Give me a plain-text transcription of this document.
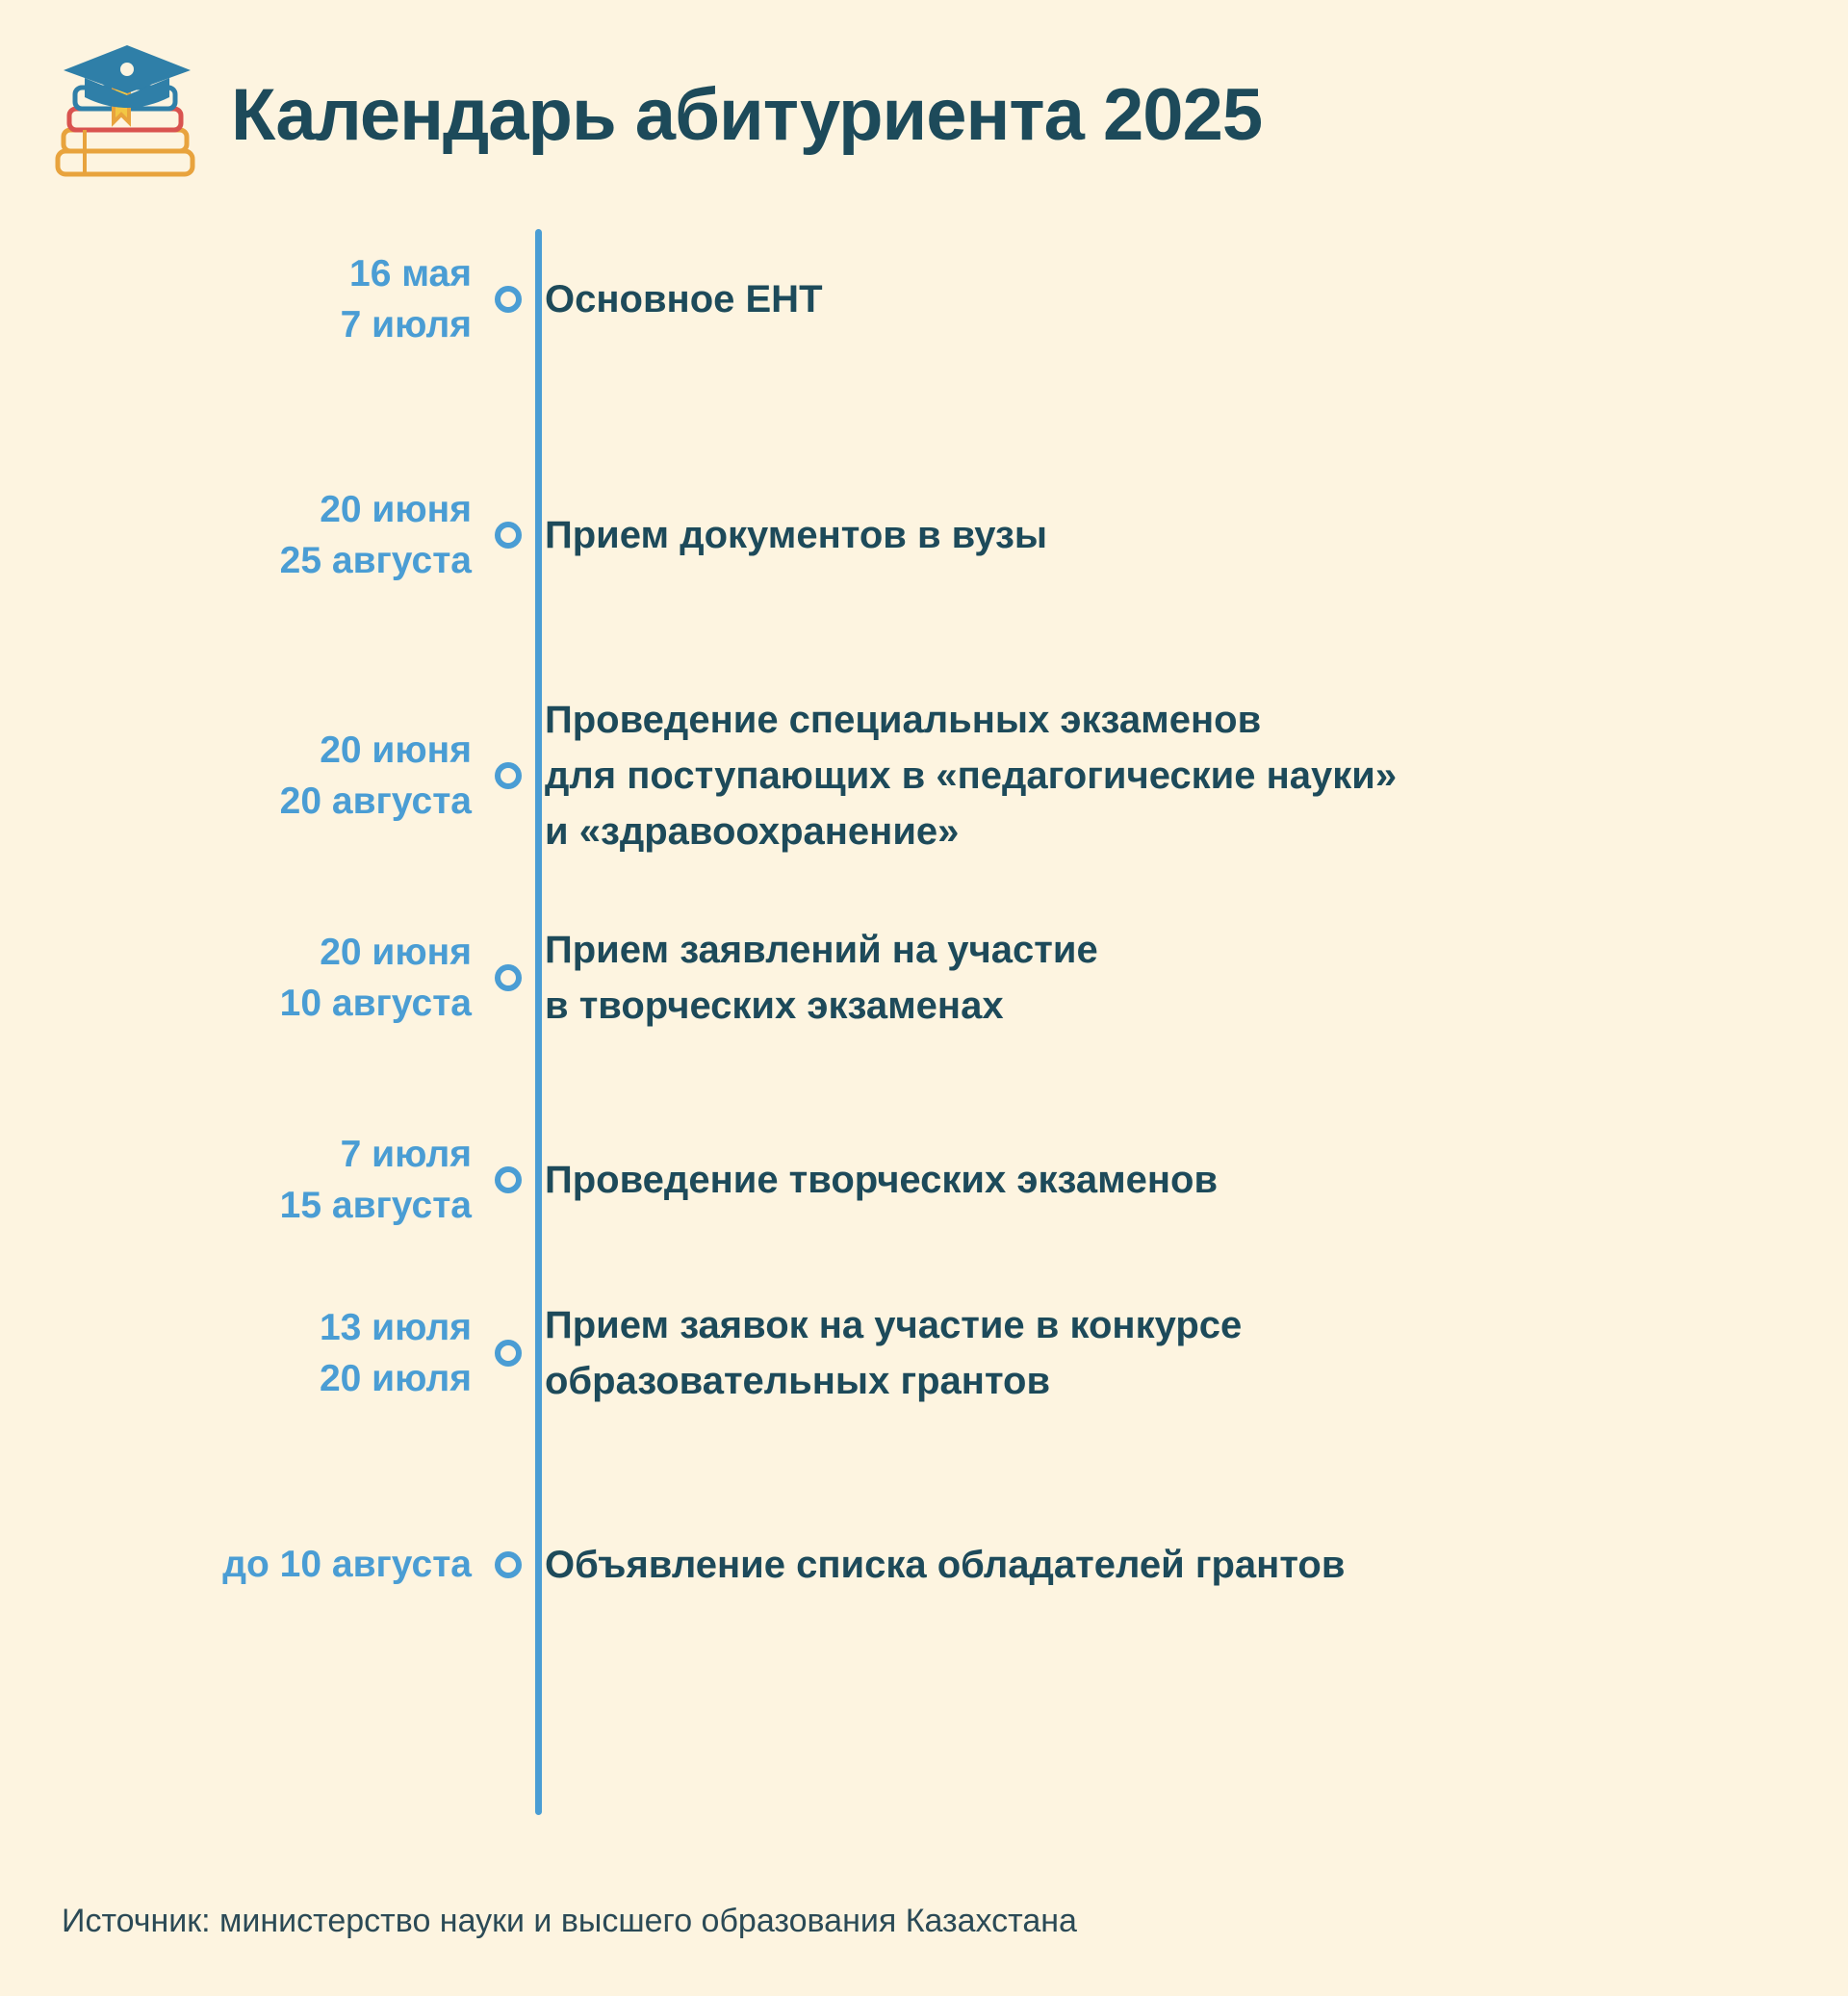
Календарь абитуриента 2025
16 мая
7 июля
Основное ЕНТ
20 июня
25 августа
Прием документов в вузы
20 июня
20 августа
Проведение специальных экзаменов
для поступающих в «педагогические науки»
и «здравоохранение»
20 июня
10 августа
Прием заявлений на участие
в творческих экзаменах
7 июля
15 августа
Проведение творческих экзаменов
13 июля
20 июля
Прием заявок на участие в конкурсе
образовательных грантов
до 10 августа Объявление списка обладателей грантов
Источник: министерство науки и высшего образования Казахстана
